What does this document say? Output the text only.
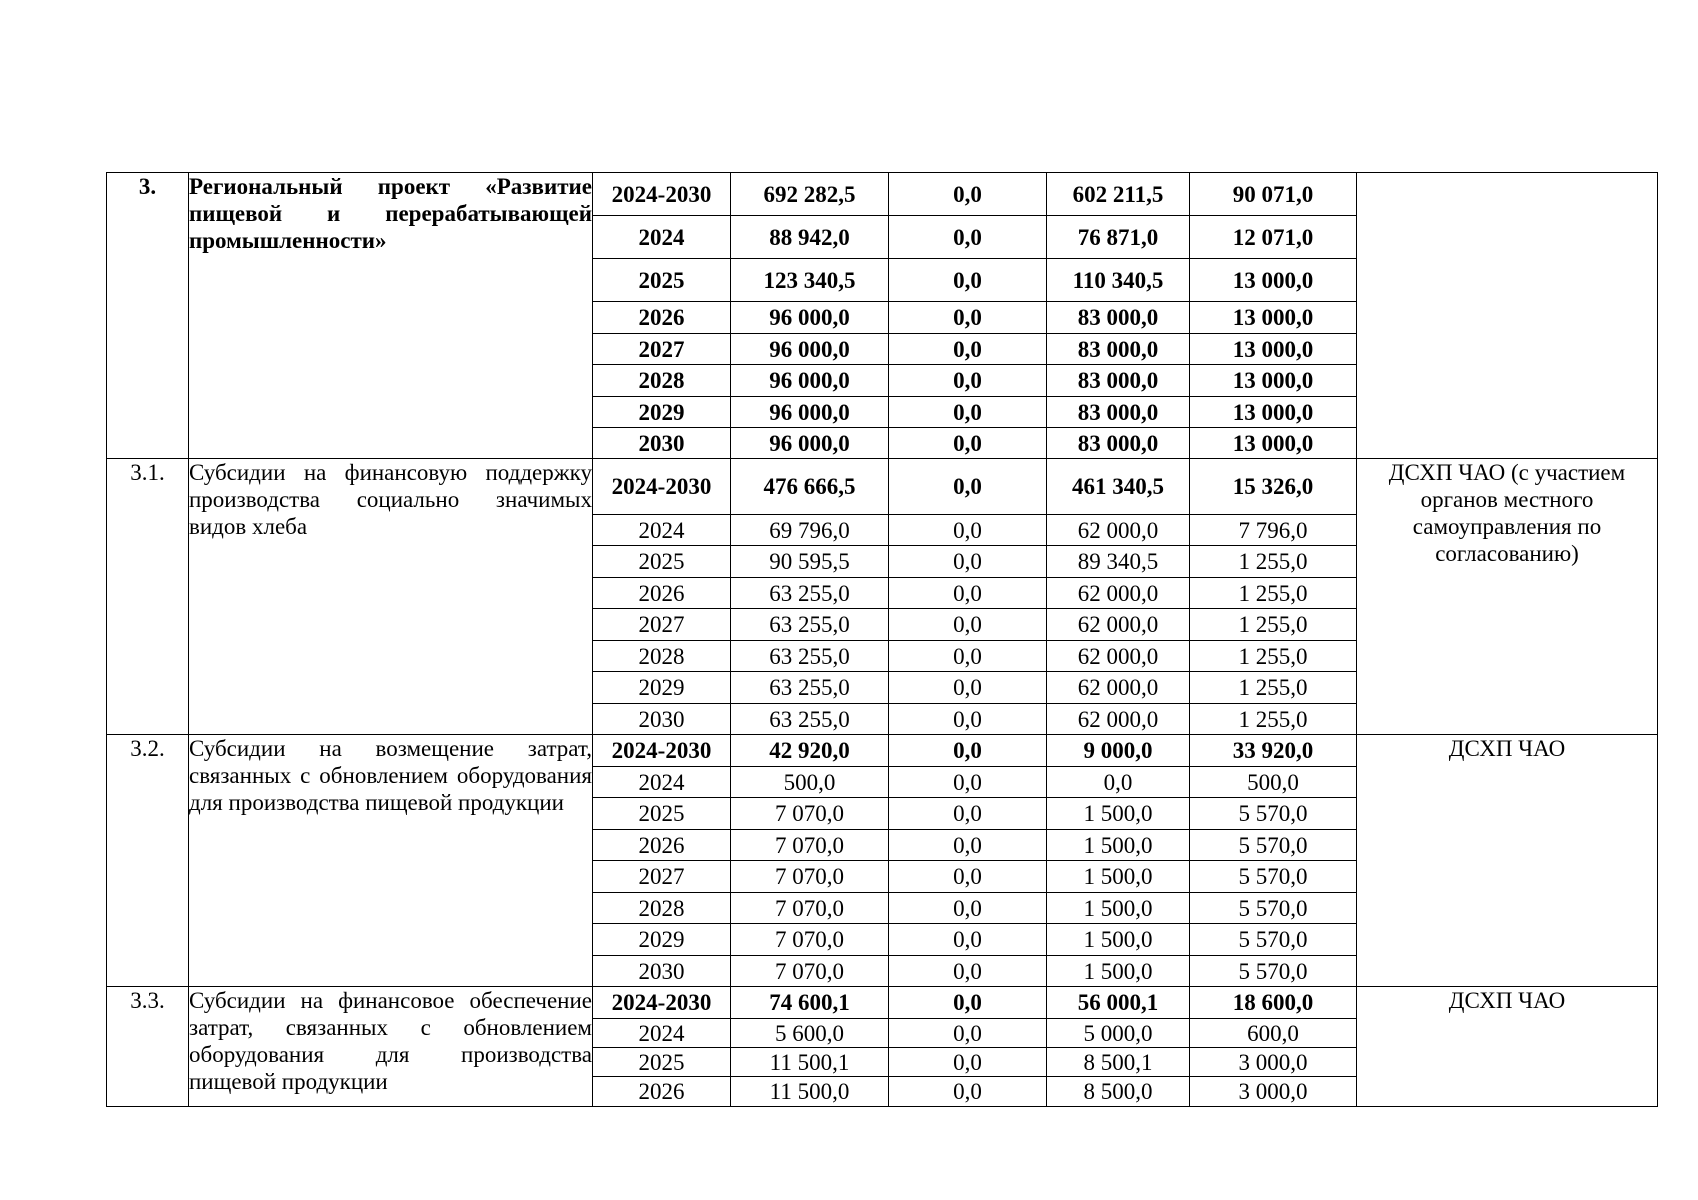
3.	Региональный проект «Развитие пищевой и перерабатывающей промышленности»	2024-2030	692 282,5	0,0	602 211,5	90 071,0	
		2024	88 942,0	0,0	76 871,0	12 071,0	
		2025	123 340,5	0,0	110 340,5	13 000,0	
		2026	96 000,0	0,0	83 000,0	13 000,0	
		2027	96 000,0	0,0	83 000,0	13 000,0	
		2028	96 000,0	0,0	83 000,0	13 000,0	
		2029	96 000,0	0,0	83 000,0	13 000,0	
		2030	96 000,0	0,0	83 000,0	13 000,0	
3.1.	Субсидии на финансовую поддержку производства социально значимых видов хлеба	2024-2030	476 666,5	0,0	461 340,5	15 326,0	ДСХП ЧАО (с участием органов местного самоуправления по согласованию)
		2024	69 796,0	0,0	62 000,0	7 796,0	
		2025	90 595,5	0,0	89 340,5	1 255,0	
		2026	63 255,0	0,0	62 000,0	1 255,0	
		2027	63 255,0	0,0	62 000,0	1 255,0	
		2028	63 255,0	0,0	62 000,0	1 255,0	
		2029	63 255,0	0,0	62 000,0	1 255,0	
		2030	63 255,0	0,0	62 000,0	1 255,0	
3.2.	Субсидии на возмещение затрат, связанных с обновлением оборудования для производства пищевой продукции	2024-2030	42 920,0	0,0	9 000,0	33 920,0	ДСХП ЧАО
		2024	500,0	0,0	0,0	500,0	
		2025	7 070,0	0,0	1 500,0	5 570,0	
		2026	7 070,0	0,0	1 500,0	5 570,0	
		2027	7 070,0	0,0	1 500,0	5 570,0	
		2028	7 070,0	0,0	1 500,0	5 570,0	
		2029	7 070,0	0,0	1 500,0	5 570,0	
		2030	7 070,0	0,0	1 500,0	5 570,0	
3.3.	Субсидии на финансовое обеспечение затрат, связанных с обновлением оборудования для производства пищевой продукции	2024-2030	74 600,1	0,0	56 000,1	18 600,0	ДСХП ЧАО
		2024	5 600,0	0,0	5 000,0	600,0	
		2025	11 500,1	0,0	8 500,1	3 000,0	
		2026	11 500,0	0,0	8 500,0	3 000,0	
